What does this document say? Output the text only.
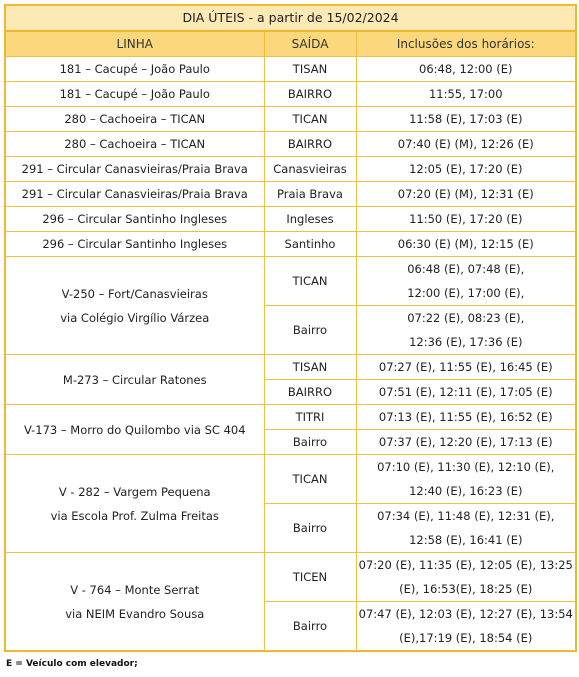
DIA ÚTEIS - a partir de 15/02/2024		
LINHA	SAÍDA	Inclusões dos horários:
181 – Cacupé – João Paulo	TISAN	06:48, 12:00 (E)
181 – Cacupé – João Paulo	BAIRRO	11:55, 17:00
280 – Cachoeira – TICAN	TICAN	11:58 (E), 17:03 (E)
280 – Cachoeira – TICAN	BAIRRO	07:40 (E) (M), 12:26 (E)
291 – Circular Canasvieiras/Praia Brava	Canasvieiras	12:05 (E), 17:20 (E)
291 – Circular Canasvieiras/Praia Brava	Praia Brava	07:20 (E) (M), 12:31 (E)
296 – Circular Santinho Ingleses	Ingleses	11:50 (E), 17:20 (E)
296 – Circular Santinho Ingleses	Santinho	06:30 (E) (M), 12:15 (E)

V-250 – Fort/Canasvieiras
via Colégio Virgílio Várzea	TICAN	06:48 (E), 07:48 (E),
12:00 (E), 17:00 (E),

	Bairro	07:22 (E), 08:23 (E),
12:36 (E), 17:36 (E)

M-273 – Circular Ratones	TISAN	07:27 (E), 11:55 (E), 16:45 (E)
	BAIRRO	07:51 (E), 12:11 (E), 17:05 (E)
V-173 – Morro do Quilombo via SC 404	TITRI	07:13 (E), 11:55 (E), 16:52 (E)
	Bairro	07:37 (E), 12:20 (E), 17:13 (E)

V - 282 – Vargem Pequena
via Escola Prof. Zulma Freitas	TICAN	07:10 (E), 11:30 (E), 12:10 (E),
12:40 (E), 16:23 (E)

	Bairro	07:34 (E), 11:48 (E), 12:31 (E),
12:58 (E), 16:41 (E)

V - 764 – Monte Serrat
via NEIM Evandro Sousa	TICEN	07:20 (E), 11:35 (E), 12:05 (E), 13:25
(E), 16:53(E), 18:25 (E)

	Bairro	07:47 (E), 12:03 (E), 12:27 (E), 13:54
(E),17:19 (E), 18:54 (E)
E = Veículo com elevador;
